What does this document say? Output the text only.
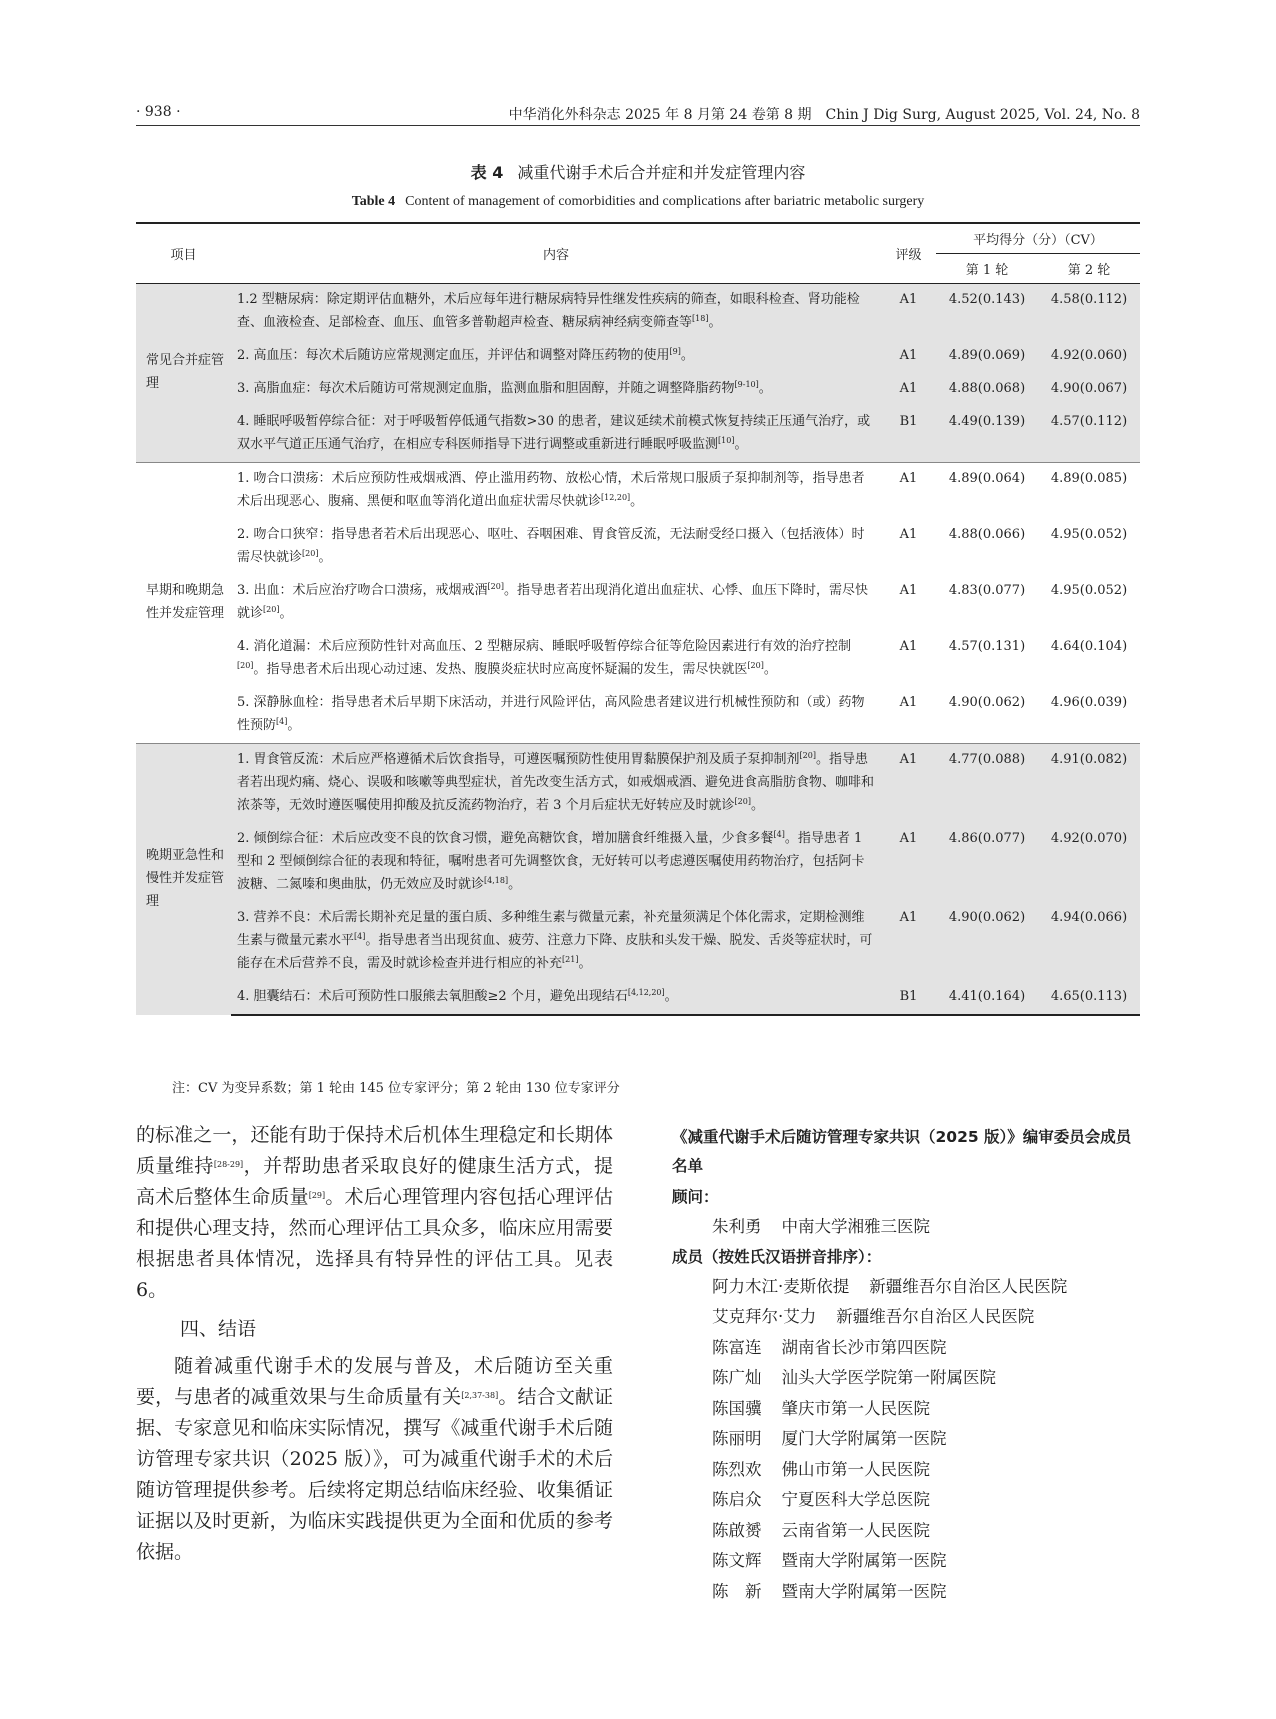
· 938 ·	中华消化外科杂志 2025 年 8 月第 24 卷第 8 期　Chin J Dig Surg, August 2025, Vol. 24, No. 8
表 4 减重代谢手术后合并症和并发症管理内容
Table 4 Content of management of comorbidities and complications after bariatric metabolic surgery
项目	内容	评级	平均得分（分）（CV）	
			第 1 轮	第 2 轮
常见合并症管理	1.2 型糖尿病：除定期评估血糖外，术后应每年进行糖尿病特异性继发性疾病的筛查，如眼科检查、肾功能检查、血液检查、足部检查、血压、血管多普勒超声检查、糖尿病神经病变筛查等[18]。	A1	4.52(0.143)	4.58(0.112)
	2. 高血压：每次术后随访应常规测定血压，并评估和调整对降压药物的使用[9]。	A1	4.89(0.069)	4.92(0.060)
	3. 高脂血症：每次术后随访可常规测定血脂，监测血脂和胆固醇，并随之调整降脂药物[9-10]。	A1	4.88(0.068)	4.90(0.067)
	4. 睡眠呼吸暂停综合征：对于呼吸暂停低通气指数>30 的患者，建议延续术前模式恢复持续正压通气治疗，或双水平气道正压通气治疗，在相应专科医师指导下进行调整或重新进行睡眠呼吸监测[10]。	B1	4.49(0.139)	4.57(0.112)
早期和晚期急性并发症管理	1. 吻合口溃疡：术后应预防性戒烟戒酒、停止滥用药物、放松心情，术后常规口服质子泵抑制剂等，指导患者术后出现恶心、腹痛、黑便和呕血等消化道出血症状需尽快就诊[12,20]。	A1	4.89(0.064)	4.89(0.085)
	2. 吻合口狭窄：指导患者若术后出现恶心、呕吐、吞咽困难、胃食管反流，无法耐受经口摄入（包括液体）时需尽快就诊[20]。	A1	4.88(0.066)	4.95(0.052)
	3. 出血：术后应治疗吻合口溃疡，戒烟戒酒[20]。指导患者若出现消化道出血症状、心悸、血压下降时，需尽快就诊[20]。	A1	4.83(0.077)	4.95(0.052)
	4. 消化道漏：术后应预防性针对高血压、2 型糖尿病、睡眠呼吸暂停综合征等危险因素进行有效的治疗控制[20]。指导患者术后出现心动过速、发热、腹膜炎症状时应高度怀疑漏的发生，需尽快就医[20]。	A1	4.57(0.131)	4.64(0.104)
	5. 深静脉血栓：指导患者术后早期下床活动，并进行风险评估，高风险患者建议进行机械性预防和（或）药物性预防[4]。	A1	4.90(0.062)	4.96(0.039)
晚期亚急性和慢性并发症管理	1. 胃食管反流：术后应严格遵循术后饮食指导，可遵医嘱预防性使用胃黏膜保护剂及质子泵抑制剂[20]。指导患者若出现灼痛、烧心、误吸和咳嗽等典型症状，首先改变生活方式，如戒烟戒酒、避免进食高脂肪食物、咖啡和浓茶等，无效时遵医嘱使用抑酸及抗反流药物治疗，若 3 个月后症状无好转应及时就诊[20]。	A1	4.77(0.088)	4.91(0.082)
	2. 倾倒综合征：术后应改变不良的饮食习惯，避免高糖饮食，增加膳食纤维摄入量，少食多餐[4]。指导患者 1 型和 2 型倾倒综合征的表现和特征，嘱咐患者可先调整饮食，无好转可以考虑遵医嘱使用药物治疗，包括阿卡波糖、二氮嗪和奥曲肽，仍无效应及时就诊[4,18]。	A1	4.86(0.077)	4.92(0.070)
	3. 营养不良：术后需长期补充足量的蛋白质、多种维生素与微量元素，补充量须满足个体化需求，定期检测维生素与微量元素水平[4]。指导患者当出现贫血、疲劳、注意力下降、皮肤和头发干燥、脱发、舌炎等症状时，可能存在术后营养不良，需及时就诊检查并进行相应的补充[21]。	A1	4.90(0.062)	4.94(0.066)
	4. 胆囊结石：术后可预防性口服熊去氧胆酸≥2 个月，避免出现结石[4,12,20]。	B1	4.41(0.164)	4.65(0.113)
注：CV 为变异系数；第 1 轮由 145 位专家评分；第 2 轮由 130 位专家评分

的标准之一，还能有助于保持术后机体生理稳定和长期体质量维持[28-29]，并帮助患者采取良好的健康生活方式，提高术后整体生命质量[29]。术后心理管理内容包括心理评估和提供心理支持，然而心理评估工具众多，临床应用需要根据患者具体情况，选择具有特异性的评估工具。见表 6。

四、结语

随着减重代谢手术的发展与普及，术后随访至关重要，与患者的减重效果与生命质量有关[2,37-38]。结合文献证据、专家意见和临床实际情况，撰写《减重代谢手术后随访管理专家共识（2025 版）》，可为减重代谢手术的术后随访管理提供参考。后续将定期总结临床经验、收集循证证据以及时更新，为临床实践提供更为全面和优质的参考依据。

《减重代谢手术后随访管理专家共识（2025 版）》编审委员会成员名单
顾问：
朱利勇 中南大学湘雅三医院
成员（按姓氏汉语拼音排序）：
阿力木江·麦斯依提 新疆维吾尔自治区人民医院
艾克拜尔·艾力 新疆维吾尔自治区人民医院
陈富连 湖南省长沙市第四医院
陈广灿 汕头大学医学院第一附属医院
陈国骥 肇庆市第一人民医院
陈丽明 厦门大学附属第一医院
陈烈欢 佛山市第一人民医院
陈启众 宁夏医科大学总医院
陈啟赟 云南省第一人民医院
陈文辉 暨南大学附属第一医院
陈　新 暨南大学附属第一医院
